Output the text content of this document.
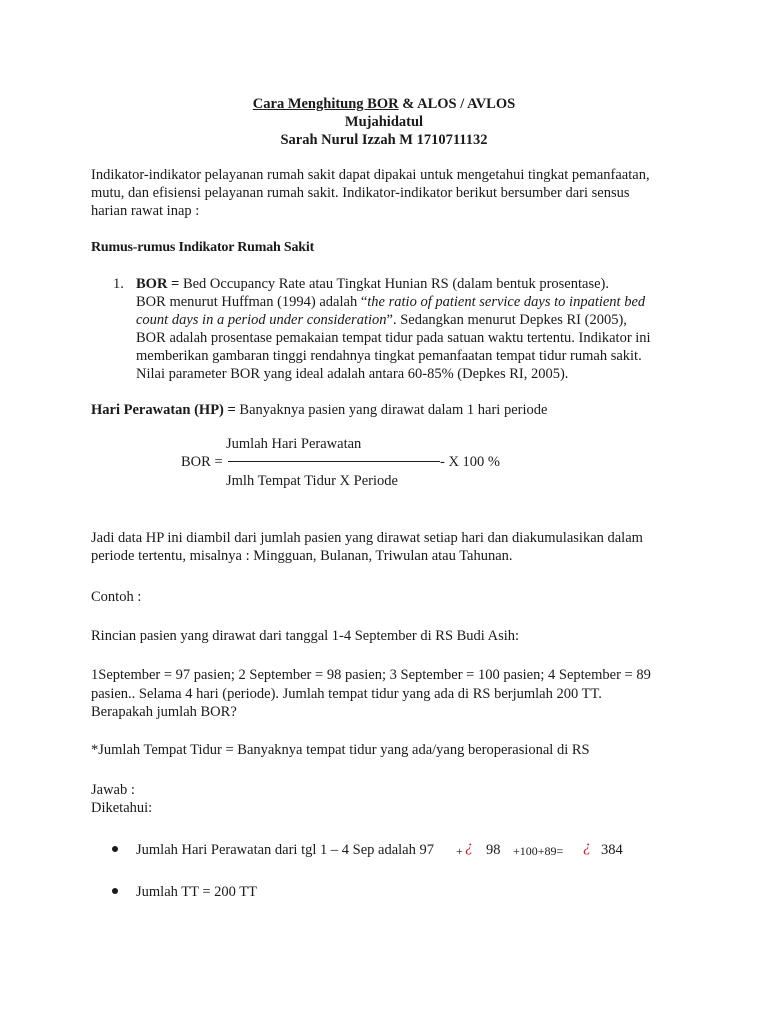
Cara Menghitung BOR & ALOS / AVLOS
Mujahidatul
Sarah Nurul Izzah M 1710711132
Indikator-indikator pelayanan rumah sakit dapat dipakai untuk mengetahui tingkat pemanfaatan,
mutu, dan efisiensi pelayanan rumah sakit. Indikator-indikator berikut bersumber dari sensus
harian rawat inap :
Rumus-rumus Indikator Rumah Sakit
1. BOR = Bed Occupancy Rate atau Tingkat Hunian RS (dalam bentuk prosentase).
BOR menurut Huffman (1994) adalah “the ratio of patient service days to inpatient bed
count days in a period under consideration”. Sedangkan menurut Depkes RI (2005),
BOR adalah prosentase pemakaian tempat tidur pada satuan waktu tertentu. Indikator ini
memberikan gambaran tinggi rendahnya tingkat pemanfaatan tempat tidur rumah sakit.
Nilai parameter BOR yang ideal adalah antara 60-85% (Depkes RI, 2005).
Hari Perawatan (HP) = Banyaknya pasien yang dirawat dalam 1 hari periode
Jumlah Hari Perawatan
BOR =	- X 100 %
Jmlh Tempat Tidur X Periode
Jadi data HP ini diambil dari jumlah pasien yang dirawat setiap hari dan diakumulasikan dalam
periode tertentu, misalnya : Mingguan, Bulanan, Triwulan atau Tahunan.
Contoh :
Rincian pasien yang dirawat dari tanggal 1-4 September di RS Budi Asih:
1September = 97 pasien; 2 September = 98 pasien; 3 September = 100 pasien; 4 September = 89
pasien.. Selama 4 hari (periode). Jumlah tempat tidur yang ada di RS berjumlah 200 TT.
Berapakah jumlah BOR?
*Jumlah Tempat Tidur = Banyaknya tempat tidur yang ada/yang beroperasional di RS
Jawab :
Diketahui:
Jumlah Hari Perawatan dari tgl 1 – 4 Sep adalah 97 + ¿ 98 +100+89= ¿ 384
Jumlah TT = 200 TT
